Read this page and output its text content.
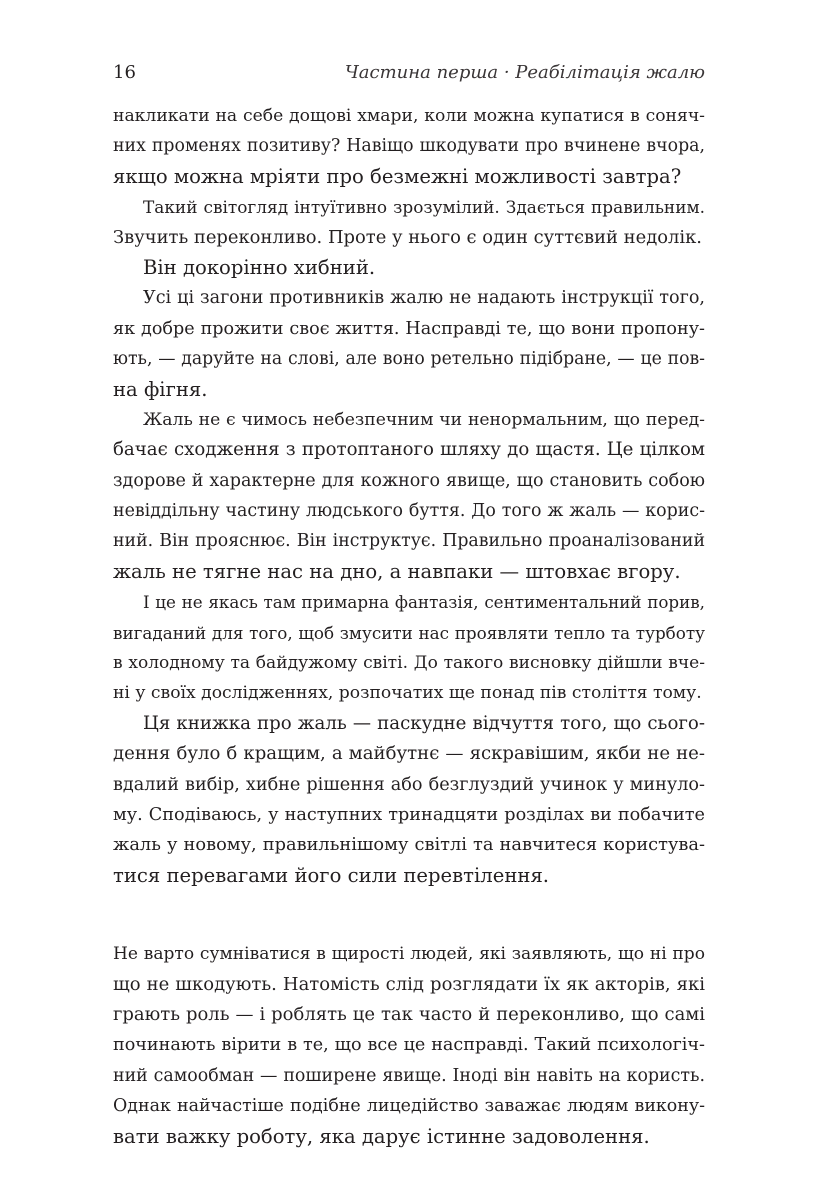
16	Частина перша · Реабілітація жалю
накликати на себе дощові хмари, коли можна купатися в соняч-
них променях позитиву? Навіщо шкодувати про вчинене вчора,
якщо можна мріяти про безмежні можливості завтра?
Такий світогляд інтуїтивно зрозумілий. Здається правильним.
Звучить переконливо. Проте у нього є один суттєвий недолік.
Він докорінно хибний.
Усі ці загони противників жалю не надають інструкції того,
як добре прожити своє життя. Насправді те, що вони пропону-
ють, — даруйте на слові, але воно ретельно підібране, — це пов-
на фігня.
Жаль не є чимось небезпечним чи ненормальним, що перед-
бачає сходження з протоптаного шляху до щастя. Це цілком
здорове й характерне для кожного явище, що становить собою
невіддільну частину людського буття. До того ж жаль — корис-
ний. Він прояснює. Він інструктує. Правильно проаналізований
жаль не тягне нас на дно, а навпаки — штовхає вгору.
І це не якась там примарна фантазія, сентиментальний порив,
вигаданий для того, щоб змусити нас проявляти тепло та турботу
в холодному та байдужому світі. До такого висновку дійшли вче-
ні у своїх дослідженнях, розпочатих ще понад пів століття тому.
Ця книжка про жаль — паскудне відчуття того, що сього-
дення було б кращим, а майбутнє — яскравішим, якби не не-
вдалий вибір, хибне рішення або безглуздий учинок у минуло-
му. Сподіваюсь, у наступних тринадцяти розділах ви побачите
жаль у новому, правильнішому світлі та навчитеся користува-
тися перевагами його сили перевтілення.
Не варто сумніватися в щирості людей, які заявляють, що ні про
що не шкодують. Натомість слід розглядати їх як акторів, які
грають роль — і роблять це так часто й переконливо, що самі
починають вірити в те, що все це насправді. Такий психологіч-
ний самообман — поширене явище. Іноді він навіть на користь.
Однак найчастіше подібне лицедійство заважає людям викону-
вати важку роботу, яка дарує істинне задоволення.
